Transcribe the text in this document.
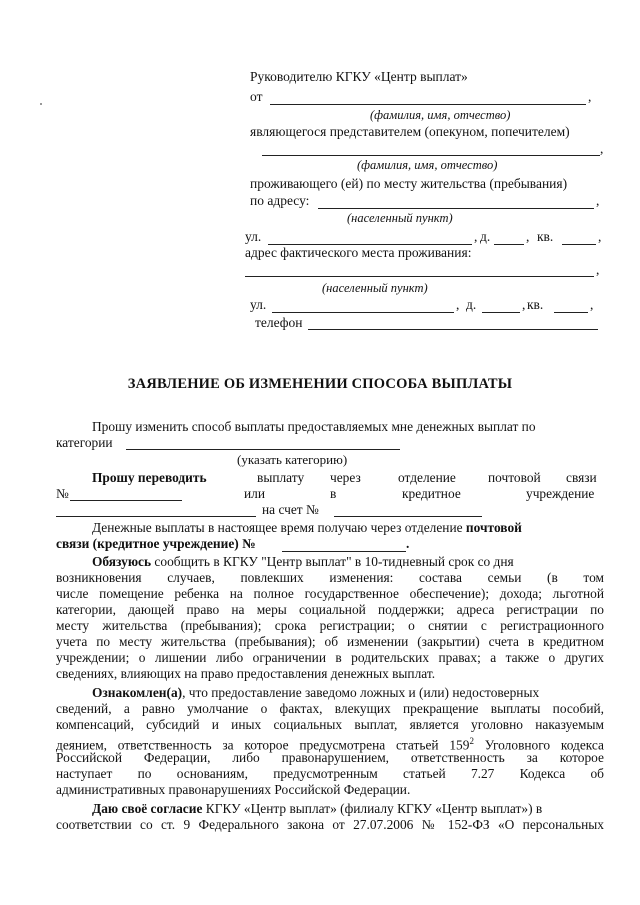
Руководителю КГКУ «Центр выплат»
от	,
(фамилия, имя, отчество)
являющегося представителем (опекуном, попечителем)
,
(фамилия, имя, отчество)
проживающего (ей) по месту жительства (пребывания)
по адресу:	,
(населенный пункт)
ул.	, д.	, кв.	,
адрес фактического места проживания:
,
(населенный пункт)
ул.	, д.	, кв.	,
телефон
ЗАЯВЛЕНИЕ ОБ ИЗМЕНЕНИИ СПОСОБА ВЫПЛАТЫ
Прошу изменить способ выплаты предоставляемых мне денежных выплат по
категории
(указать категорию)
Прошу переводить	выплату через	отделение почтовой связи
№	или	в	кредитное	учреждение
на счет №
Денежные выплаты в настоящее время получаю через отделение почтовой
связи (кредитное учреждение) №	.
Обязуюсь сообщить в КГКУ "Центр выплат" в 10-тидневный срок со дня
возникновения случаев, повлекших изменения: состава семьи (в том
числе помещение ребенка на полное государственное обеспечение); дохода; льготной
категории, дающей право на меры социальной поддержки; адреса регистрации по
месту жительства (пребывания); срока регистрации; о снятии с регистрационного
учета по месту жительства (пребывания); об изменении (закрытии) счета в кредитном
учреждении; о лишении либо ограничении в родительских правах; а также о других
сведениях, влияющих на право предоставления денежных выплат.
Ознакомлен(а), что предоставление заведомо ложных и (или) недостоверных
сведений, а равно умолчание о фактах, влекущих прекращение выплаты пособий,
компенсаций, субсидий и иных социальных выплат, является уголовно наказуемым
деянием, ответственность за которое предусмотрена статьей $159^2$ Уголовного кодекса
Российской Федерации, либо правонарушением, ответственность за которое
наступает по основаниям, предусмотренным статьей 7.27 Кодекса об
административных правонарушениях Российской Федерации.
Даю своё согласие КГКУ «Центр выплат» (филиалу КГКУ «Центр выплат») в
соответствии со ст. 9 Федерального закона от 27.07.2006 № 152-ФЗ «О персональных
